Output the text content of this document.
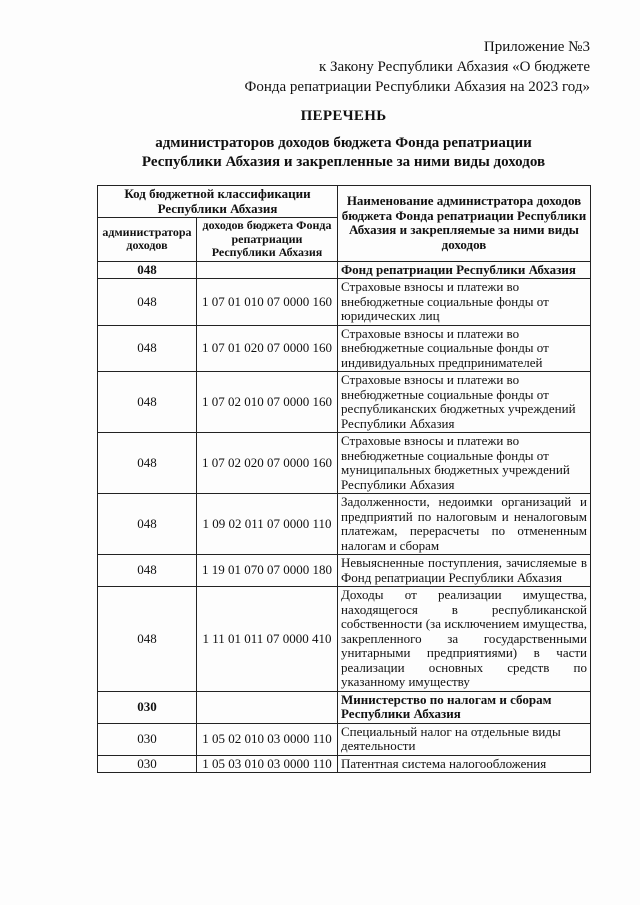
Приложение №3
к Закону Республики Абхазия «О бюджете
Фонда репатриации Республики Абхазия на 2023 год»
ПЕРЕЧЕНЬ
администраторов доходов бюджета Фонда репатриации
Республики Абхазия и закрепленные за ними виды доходов
Код бюджетной классификации Республики Абхазия		Наименование администратора доходов бюджета Фонда репатриации Республики Абхазия и закрепляемые за ними виды доходов
администратора доходов	доходов бюджета Фонда репатриации Республики Абхазия	
048		Фонд репатриации Республики Абхазия
048	1 07 01 010 07 0000 160	Страховые взносы и платежи во внебюджетные социальные фонды от юридических лиц
048	1 07 01 020 07 0000 160	Страховые взносы и платежи во внебюджетные социальные фонды от индивидуальных предпринимателей
048	1 07 02 010 07 0000 160	Страховые взносы и платежи во внебюджетные социальные фонды от республиканских бюджетных учреждений Республики Абхазия
048	1 07 02 020 07 0000 160	Страховые взносы и платежи во внебюджетные социальные фонды от муниципальных бюджетных учреждений Республики Абхазия
048	1 09 02 011 07 0000 110	Задолженности, недоимки организаций и предприятий по налоговым и неналоговым платежам, перерасчеты по отмененным налогам и сборам
048	1 19 01 070 07 0000 180	Невыясненные поступления, зачисляемые в Фонд репатриации Республики Абхазия
048	1 11 01 011 07 0000 410	Доходы от реализации имущества, находящегося в республиканской собственности (за исключением имущества, закрепленного за государственными унитарными предприятиями) в части реализации основных средств по указанному имуществу
030		Министерство по налогам и сборам Республики Абхазия
030	1 05 02 010 03 0000 110	Специальный налог на отдельные виды деятельности
030	1 05 03 010 03 0000 110	Патентная система налогообложения
